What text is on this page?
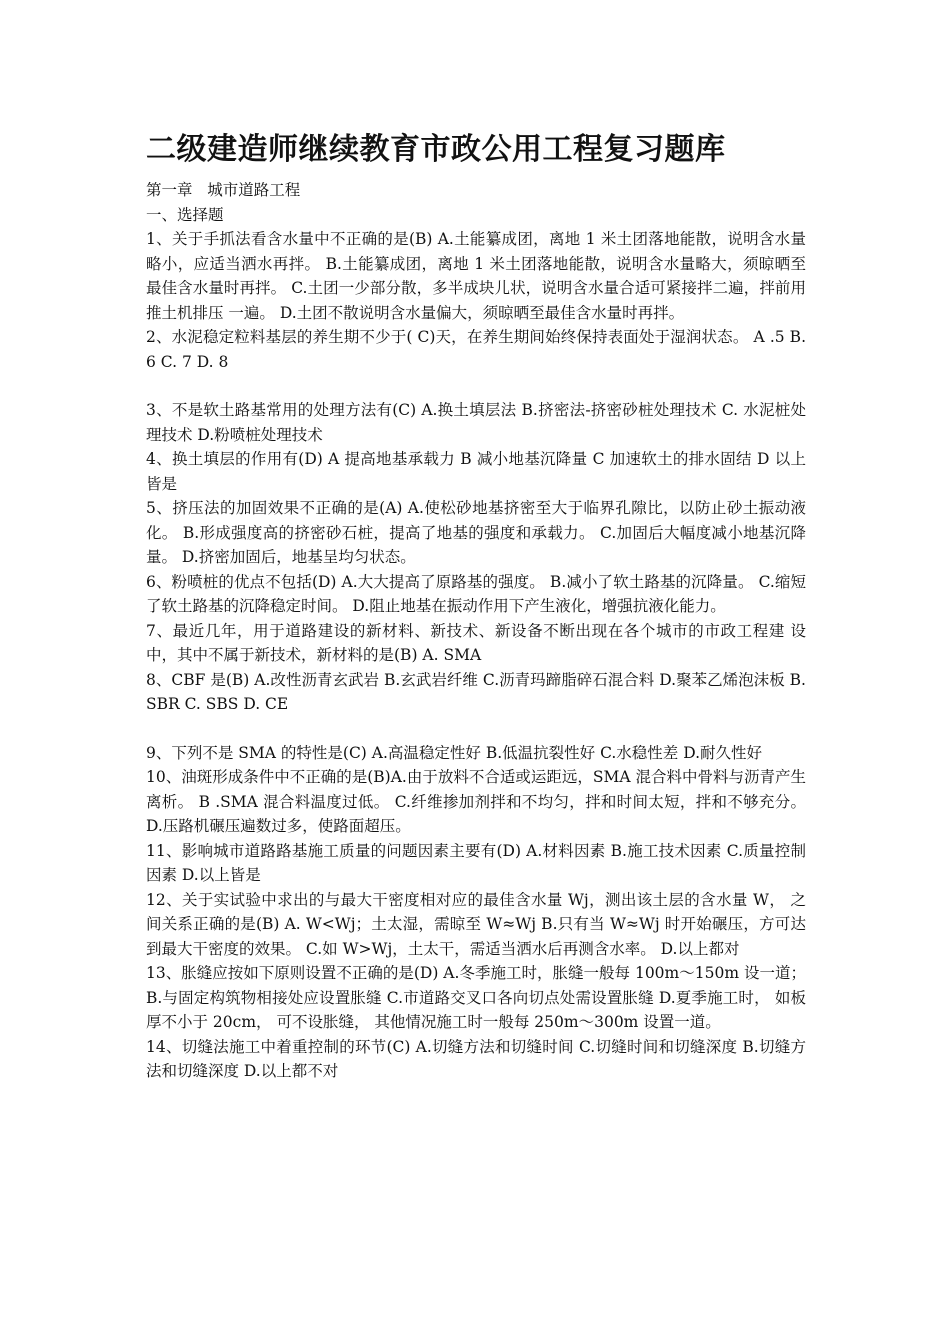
二级建造师继续教育市政公用工程复习题库

第一章   城市道路工程

一、选择题

1、关于手抓法看含水量中不正确的是(B) A.土能纂成团，离地 1 米土团落地能散，说明含水量略小，应适当洒水再拌。 B.土能纂成团，离地 1 米土团落地能散，说明含水量略大，须晾晒至最佳含水量时再拌。 C.土团一少部分散，多半成块儿状，说明含水量合适可紧接拌二遍，拌前用推土机排压 一遍。 D.土团不散说明含水量偏大，须晾晒至最佳含水量时再拌。

2、水泥稳定粒料基层的养生期不少于( C)天，在养生期间始终保持表面处于湿润状态。 A .5 B. 6 C. 7 D. 8

3、不是软土路基常用的处理方法有(C) A.换土填层法 B.挤密法-挤密砂桩处理技术 C. 水泥桩处理技术 D.粉喷桩处理技术

4、换土填层的作用有(D) A 提高地基承载力 B 减小地基沉降量 C 加速软土的排水固结 D 以上皆是

5、挤压法的加固效果不正确的是(A) A.使松砂地基挤密至大于临界孔隙比，以防止砂土振动液化。 B.形成强度高的挤密砂石桩，提高了地基的强度和承载力。 C.加固后大幅度减小地基沉降量。 D.挤密加固后，地基呈均匀状态。

6、粉喷桩的优点不包括(D) A.大大提高了原路基的强度。 B.减小了软土路基的沉降量。 C.缩短了软土路基的沉降稳定时间。 D.阻止地基在振动作用下产生液化，增强抗液化能力。

7、最近几年，用于道路建设的新材料、新技术、新设备不断出现在各个城市的市政工程建 设中，其中不属于新技术，新材料的是(B) A. SMA

8、CBF 是(B) A.改性沥青玄武岩 B.玄武岩纤维 C.沥青玛蹄脂碎石混合料 D.聚苯乙烯泡沫板 B. SBR C. SBS D. CE

9、下列不是 SMA 的特性是(C) A.高温稳定性好 B.低温抗裂性好 C.水稳性差 D.耐久性好

10、油斑形成条件中不正确的是(B)A.由于放料不合适或运距远，SMA 混合料中骨料与沥青产生离析。 B .SMA 混合料温度过低。 C.纤维掺加剂拌和不均匀，拌和时间太短，拌和不够充分。 D.压路机碾压遍数过多，使路面超压。

11、影响城市道路路基施工质量的问题因素主要有(D) A.材料因素 B.施工技术因素 C.质量控制因素 D.以上皆是

12、关于实试验中求出的与最大干密度相对应的最佳含水量 Wj，测出该土层的含水量 W， 之间关系正确的是(B) A. W<Wj；土太湿，需晾至 W≈Wj B.只有当 W≈Wj 时开始碾压，方可达到最大干密度的效果。 C.如 W>Wj，土太干，需适当洒水后再测含水率。 D.以上都对

13、胀缝应按如下原则设置不正确的是(D) A.冬季施工时，胀缝一般每 100m～150m 设一道； B.与固定构筑物相接处应设置胀缝 C.市道路交叉口各向切点处需设置胀缝 D.夏季施工时， 如板厚不小于 20cm， 可不设胀缝， 其他情况施工时一般每 250m～300m 设置一道。

14、切缝法施工中着重控制的环节(C) A.切缝方法和切缝时间 C.切缝时间和切缝深度 B.切缝方法和切缝深度 D.以上都不对
